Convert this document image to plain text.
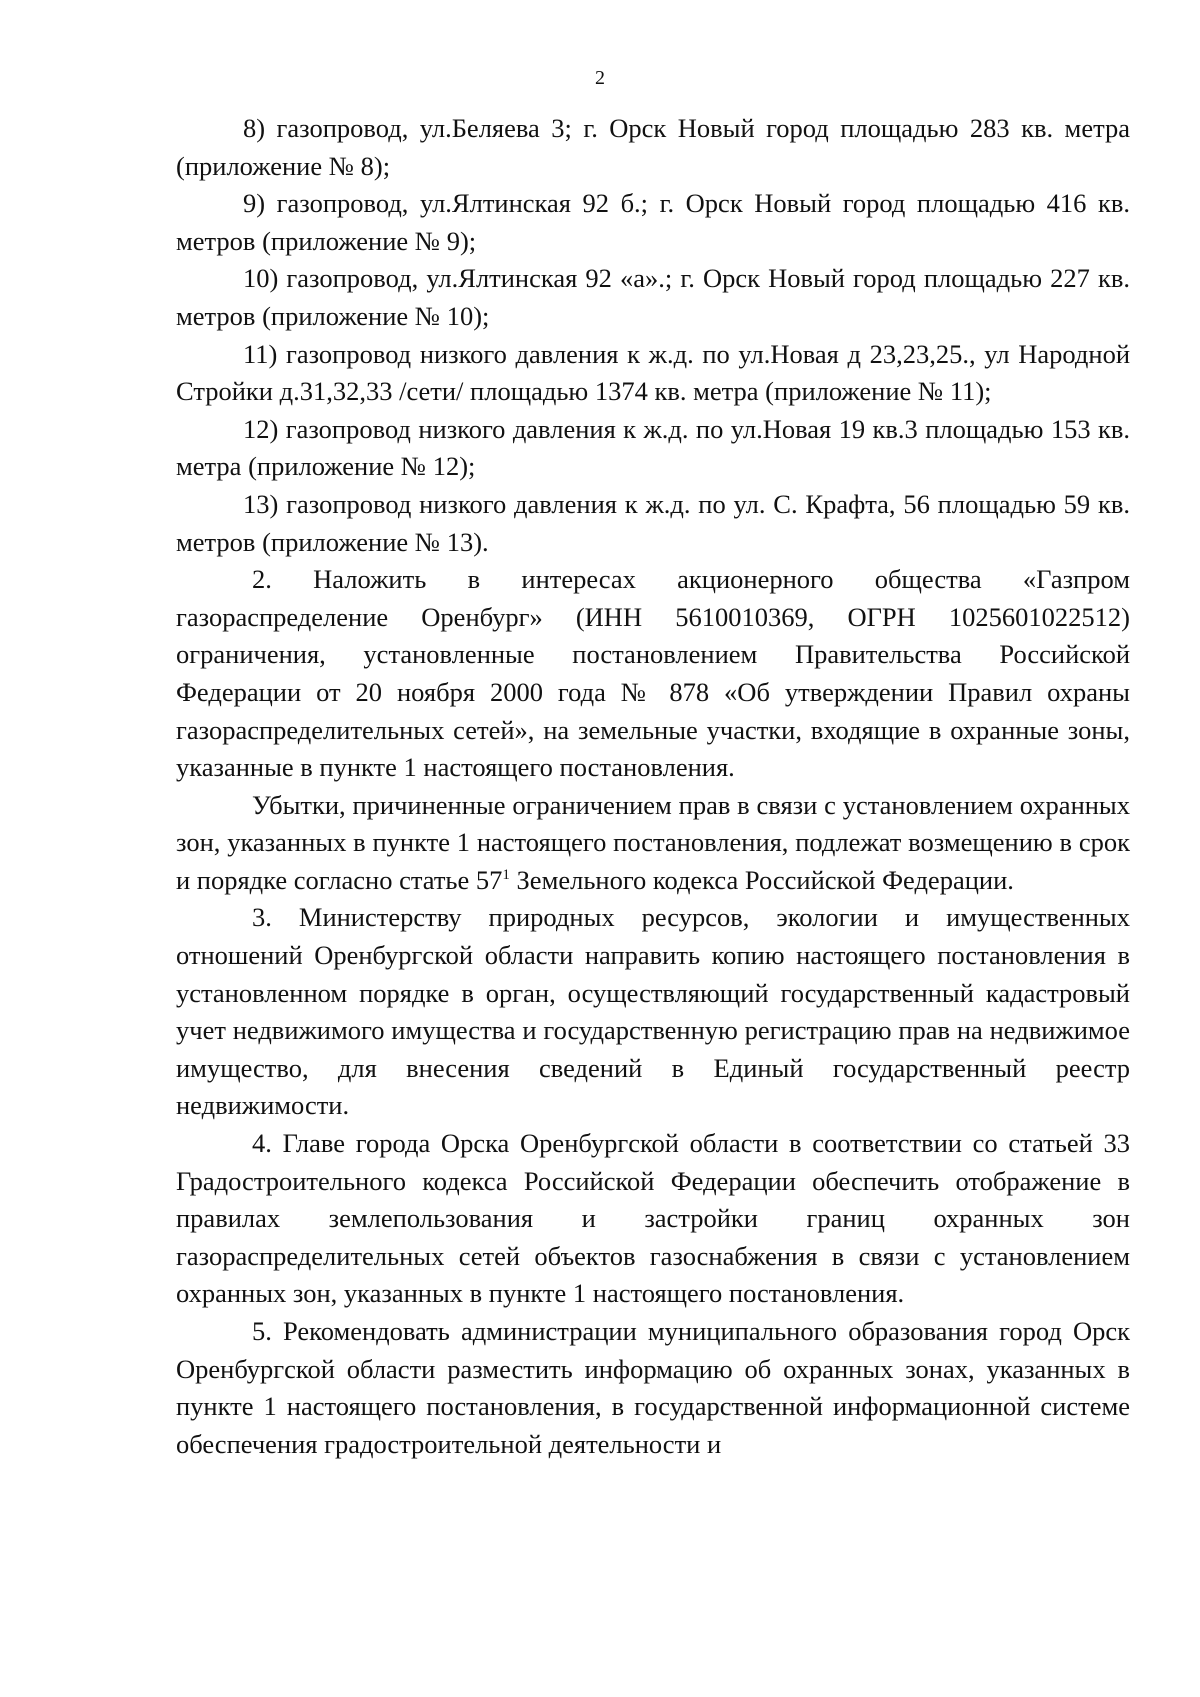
2

8) газопровод, ул.Беляева 3; г. Орск Новый город площадью 283 кв. метра (приложение № 8);

9) газопровод, ул.Ялтинская 92 б.; г. Орск Новый город площадью 416 кв. метров (приложение № 9);

10) газопровод, ул.Ялтинская 92 «а».; г. Орск Новый город площадью 227 кв. метров (приложение № 10);

11) газопровод низкого давления к ж.д. по ул.Новая д 23,23,25., ул Народной Стройки д.31,32,33 /сети/ площадью 1374 кв. метра (приложение № 11);

12) газопровод низкого давления к ж.д. по ул.Новая 19 кв.3 площадью 153 кв. метра (приложение № 12);

13) газопровод низкого давления к ж.д. по ул. С. Крафта, 56 площадью 59 кв. метров (приложение № 13).

2. Наложить в интересах акционерного общества «Газпром газораспределение Оренбург» (ИНН 5610010369, ОГРН 1025601022512) ограничения, установленные постановлением Правительства Российской Федерации от 20 ноября 2000 года № 878 «Об утверждении Правил охраны газораспределительных сетей», на земельные участки, входящие в охранные зоны, указанные в пункте 1 настоящего постановления.

Убытки, причиненные ограничением прав в связи с установлением охранных зон, указанных в пункте 1 настоящего постановления, подлежат возмещению в срок и порядке согласно статье $57^1$ Земельного кодекса Российской Федерации.

3. Министерству природных ресурсов, экологии и имущественных отношений Оренбургской области направить копию настоящего постановления в установленном порядке в орган, осуществляющий государственный кадастровый учет недвижимого имущества и государственную регистрацию прав на недвижимое имущество, для внесения сведений в Единый государственный реестр недвижимости.

4. Главе города Орска Оренбургской области в соответствии со статьей 33 Градостроительного кодекса Российской Федерации обеспечить отображение в правилах землепользования и застройки границ охранных зон газораспределительных сетей объектов газоснабжения в связи с установлением охранных зон, указанных в пункте 1 настоящего постановления.

5. Рекомендовать администрации муниципального образования город Орск Оренбургской области разместить информацию об охранных зонах, указанных в пункте 1 настоящего постановления, в государственной информационной системе обеспечения градостроительной деятельности и
